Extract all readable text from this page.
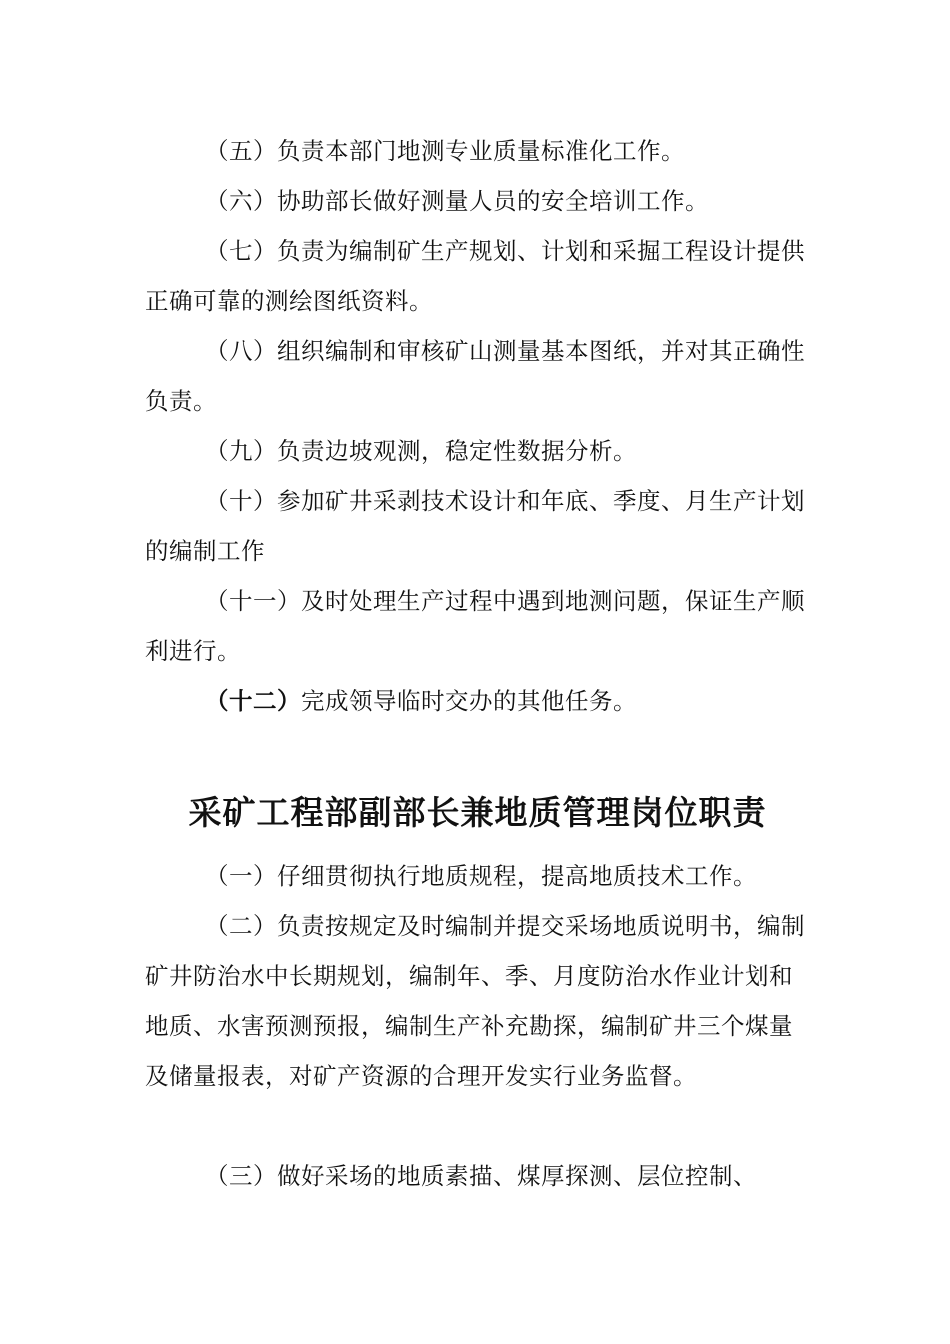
（五）负责本部门地测专业质量标准化工作。

（六）协助部长做好测量人员的安全培训工作。

（七）负责为编制矿生产规划、计划和采掘工程设计提供正确可靠的测绘图纸资料。

（八）组织编制和审核矿山测量基本图纸，并对其正确性负责。

（九）负责边坡观测，稳定性数据分析。

（十）参加矿井采剥技术设计和年底、季度、月生产计划的编制工作

（十一）及时处理生产过程中遇到地测问题，保证生产顺利进行。

（十二）完成领导临时交办的其他任务。

采矿工程部副部长兼地质管理岗位职责

（一）仔细贯彻执行地质规程，提高地质技术工作。

（二）负责按规定及时编制并提交采场地质说明书，编制矿井防治水中长期规划，编制年、季、月度防治水作业计划和地质、水害预测预报，编制生产补充勘探，编制矿井三个煤量及储量报表，对矿产资源的合理开发实行业务监督。

（三）做好采场的地质素描、煤厚探测、层位控制、
